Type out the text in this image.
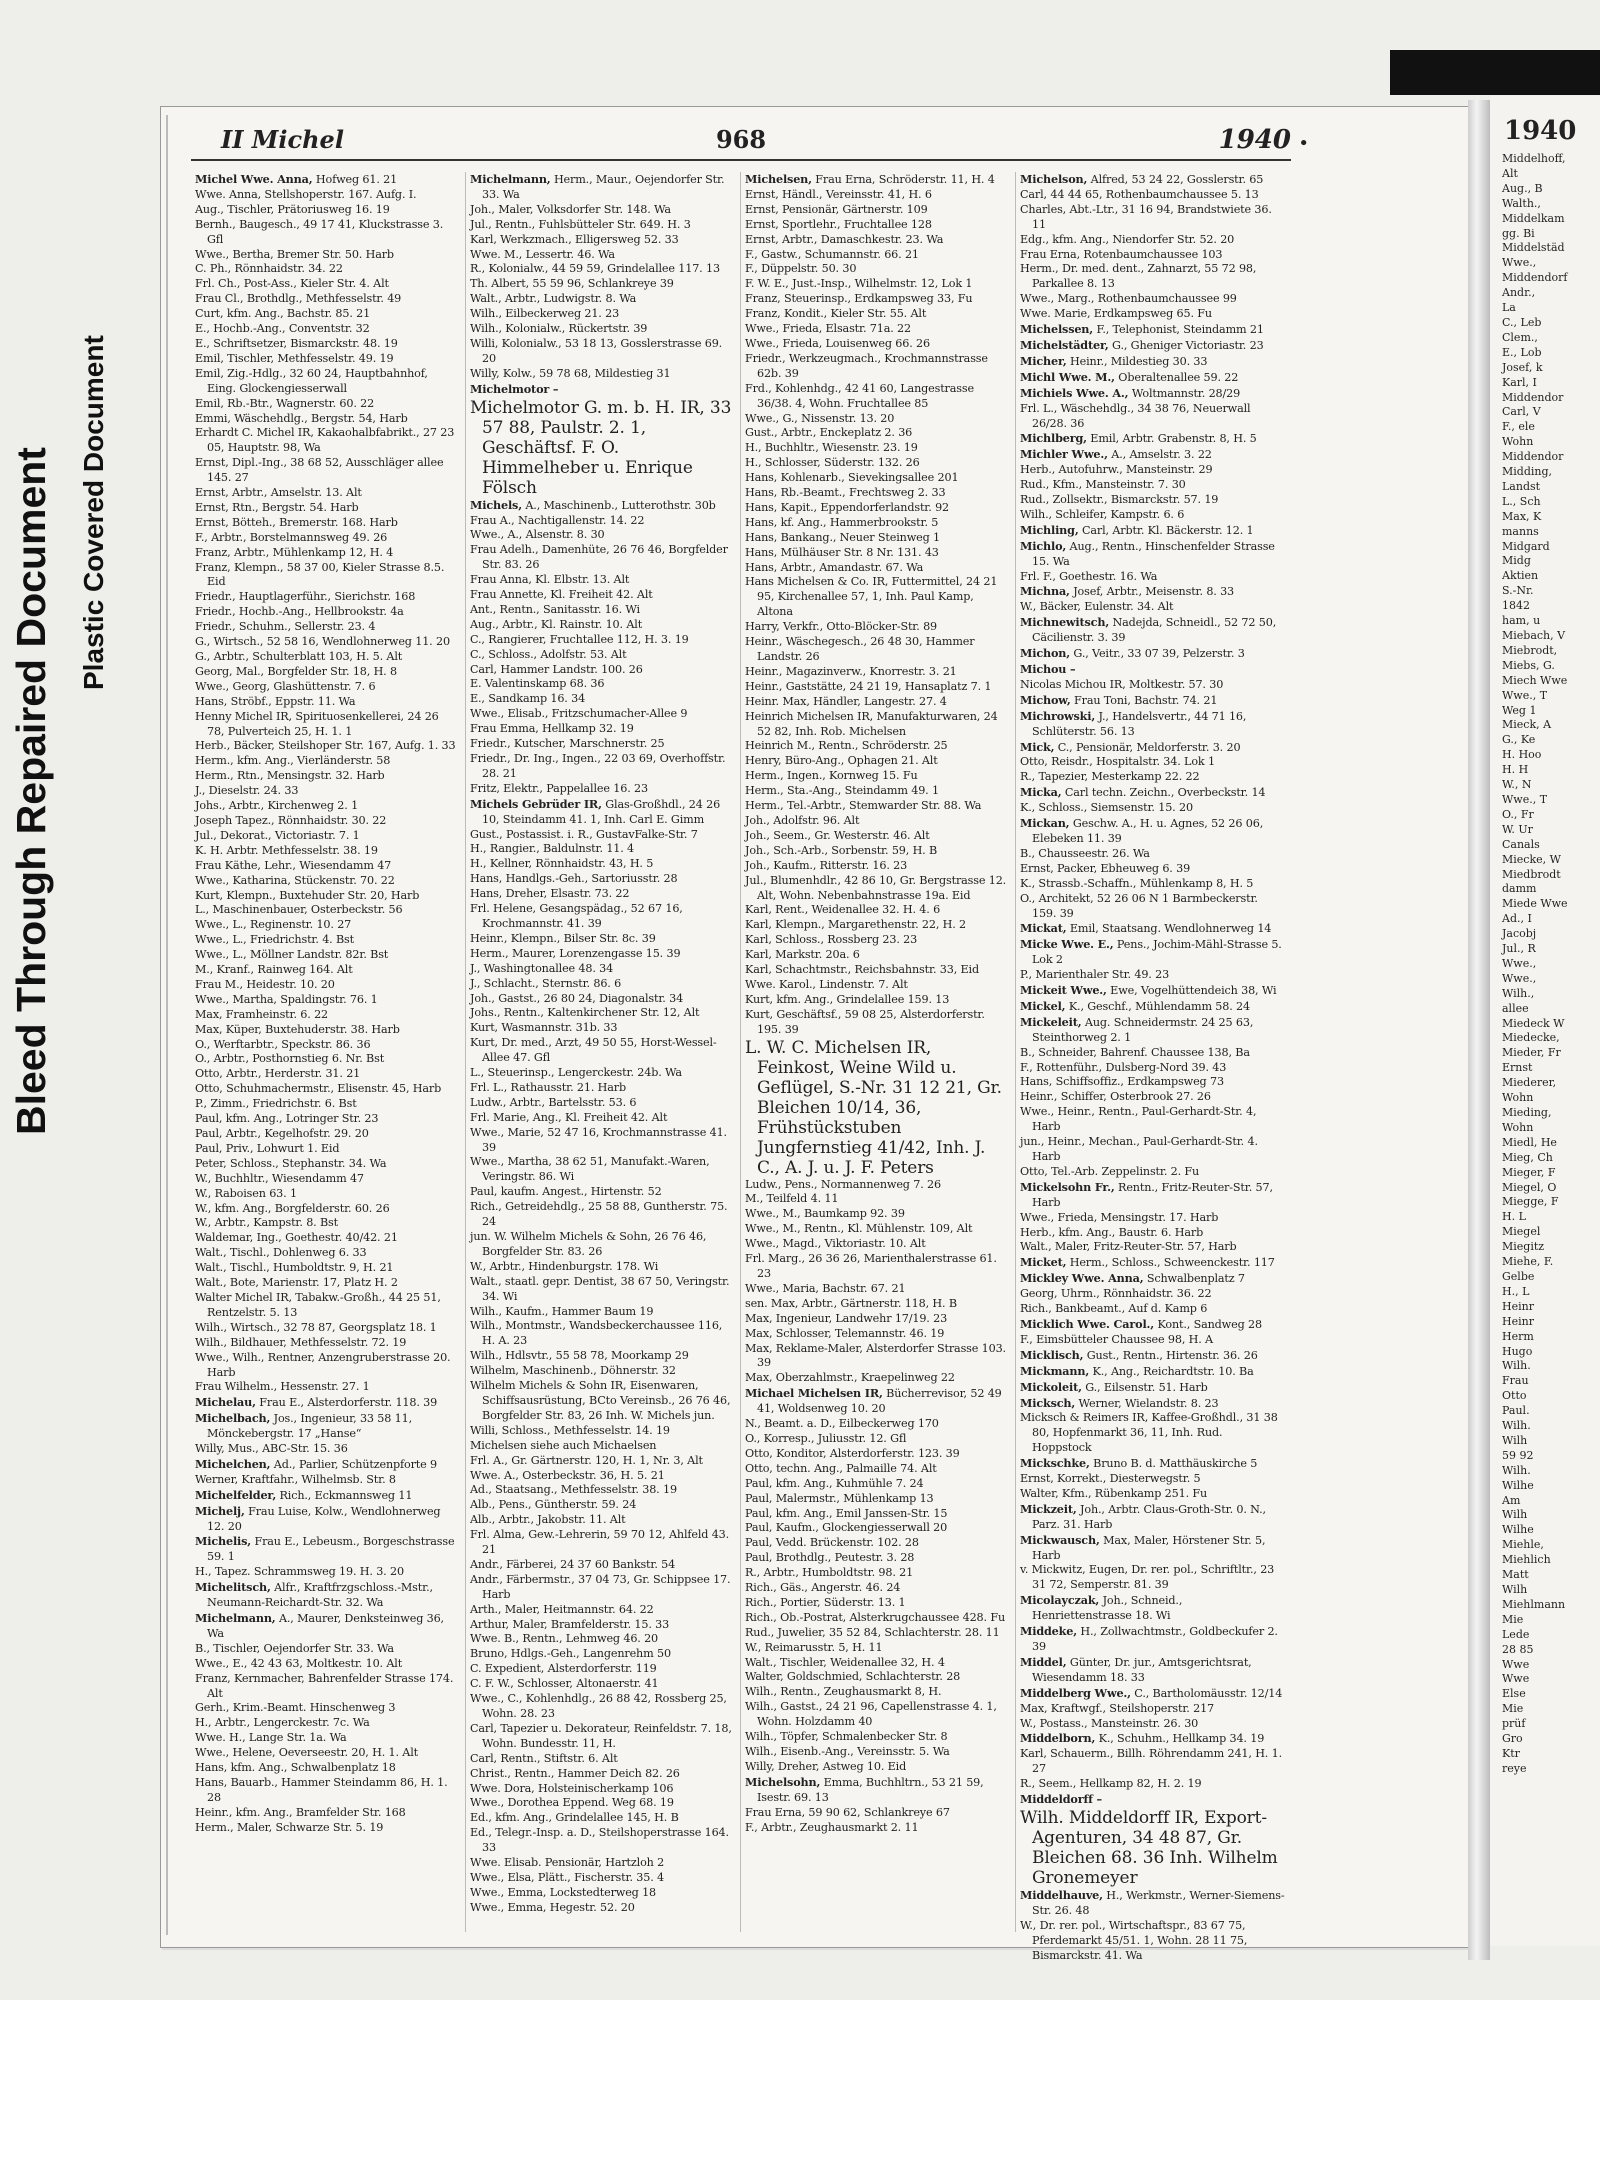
Bleed Through Repaired Document Plastic Covered Document
II Michel	968	1940 •

Michel Wwe. Anna, Hofweg 61. 21

Wwe. Anna, Stellshoperstr. 167. Aufg. I.

Aug., Tischler, Prätoriusweg 16. 19

Bernh., Baugesch., 49 17 41, Kluckstrasse 3. Gfl

Wwe., Bertha, Bremer Str. 50. Harb

C. Ph., Rönnhaidstr. 34. 22

Frl. Ch., Post-Ass., Kieler Str. 4. Alt

Frau Cl., Brothdlg., Methfesselstr. 49

Curt, kfm. Ang., Bachstr. 85. 21

E., Hochb.-Ang., Conventstr. 32

E., Schriftsetzer, Bismarckstr. 48. 19

Emil, Tischler, Methfesselstr. 49. 19

Emil, Zig.-Hdlg., 32 60 24, Hauptbahnhof, Eing. Glockengiesserwall

Emil, Rb.-Btr., Wagnerstr. 60. 22

Emmi, Wäschehdlg., Bergstr. 54, Harb

Erhardt C. Michel IR, Kakaohalbfabrikt., 27 23 05, Hauptstr. 98, Wa

Ernst, Dipl.-Ing., 38 68 52, Ausschläger allee 145. 27

Ernst, Arbtr., Amselstr. 13. Alt

Ernst, Rtn., Bergstr. 54. Harb

Ernst, Bötteh., Bremerstr. 168. Harb

F., Arbtr., Borstelmannsweg 49. 26

Franz, Arbtr., Mühlenkamp 12, H. 4

Franz, Klempn., 58 37 00, Kieler Strasse 8.5. Eid

Friedr., Hauptlagerführ., Sierichstr. 168

Friedr., Hochb.-Ang., Hellbrookstr. 4a

Friedr., Schuhm., Sellerstr. 23. 4

G., Wirtsch., 52 58 16, Wendlohnerweg 11. 20

G., Arbtr., Schulterblatt 103, H. 5. Alt

Georg, Mal., Borgfelder Str. 18, H. 8

Wwe., Georg, Glashüttenstr. 7. 6

Hans, Ströbf., Eppstr. 11. Wa

Henny Michel IR, Spirituosenkellerei, 24 26 78, Pulverteich 25, H. 1. 1

Herb., Bäcker, Steilshoper Str. 167, Aufg. 1. 33

Herm., kfm. Ang., Vierländerstr. 58

Herm., Rtn., Mensingstr. 32. Harb

J., Dieselstr. 24. 33

Johs., Arbtr., Kirchenweg 2. 1

Joseph Tapez., Rönnhaidstr. 30. 22

Jul., Dekorat., Victoriastr. 7. 1

K. H. Arbtr. Methfesselstr. 38. 19

Frau Käthe, Lehr., Wiesendamm 47

Wwe., Katharina, Stückenstr. 70. 22

Kurt, Klempn., Buxtehuder Str. 20, Harb

L., Maschinenbauer, Osterbeckstr. 56

Wwe., L., Reginenstr. 10. 27

Wwe., L., Friedrichstr. 4. Bst

Wwe., L., Möllner Landstr. 82r. Bst

M., Kranf., Rainweg 164. Alt

Frau M., Heidestr. 10. 20

Wwe., Martha, Spaldingstr. 76. 1

Max, Framheinstr. 6. 22

Max, Küper, Buxtehuderstr. 38. Harb

O., Werftarbtr., Speckstr. 86. 36

O., Arbtr., Posthornstieg 6. Nr. Bst

Otto, Arbtr., Herderstr. 31. 21

Otto, Schuhmachermstr., Elisenstr. 45, Harb

P., Zimm., Friedrichstr. 6. Bst

Paul, kfm. Ang., Lotringer Str. 23

Paul, Arbtr., Kegelhofstr. 29. 20

Paul, Priv., Lohwurt 1. Eid

Peter, Schloss., Stephanstr. 34. Wa

W., Buchhltr., Wiesendamm 47

W., Raboisen 63. 1

W., kfm. Ang., Borgfelderstr. 60. 26

W., Arbtr., Kampstr. 8. Bst

Waldemar, Ing., Goethestr. 40/42. 21

Walt., Tischl., Dohlenweg 6. 33

Walt., Tischl., Humboldtstr. 9, H. 21

Walt., Bote, Marienstr. 17, Platz H. 2

Walter Michel IR, Tabakw.-Großh., 44 25 51, Rentzelstr. 5. 13

Wilh., Wirtsch., 32 78 87, Georgsplatz 18. 1

Wilh., Bildhauer, Methfesselstr. 72. 19

Wwe., Wilh., Rentner, Anzengruberstrasse 20. Harb

Frau Wilhelm., Hessenstr. 27. 1

Michelau, Frau E., Alsterdorferstr. 118. 39

Michelbach, Jos., Ingenieur, 33 58 11, Mönckebergstr. 17 „Hanse“

Willy, Mus., ABC-Str. 15. 36

Michelchen, Ad., Parlier, Schützenpforte 9

Werner, Kraftfahr., Wilhelmsb. Str. 8

Michelfelder, Rich., Eckmannsweg 11

Michelj, Frau Luise, Kolw., Wendlohnerweg 12. 20

Michelis, Frau E., Lebeusm., Borgeschstrasse 59. 1

H., Tapez. Schrammsweg 19. H. 3. 20

Michelitsch, Alfr., Kraftfrzgschloss.-Mstr., Neumann-Reichardt-Str. 32. Wa

Michelmann, A., Maurer, Denksteinweg 36, Wa

B., Tischler, Oejendorfer Str. 33. Wa

Wwe., E., 42 43 63, Moltkestr. 10. Alt

Franz, Kernmacher, Bahrenfelder Strasse 174. Alt

Gerh., Krim.-Beamt. Hinschenweg 3

H., Arbtr., Lengerckestr. 7c. Wa

Wwe. H., Lange Str. 1a. Wa

Wwe., Helene, Oeverseestr. 20, H. 1. Alt

Hans, kfm. Ang., Schwalbenplatz 18

Hans, Bauarb., Hammer Steindamm 86, H. 1. 28

Heinr., kfm. Ang., Bramfelder Str. 168

Herm., Maler, Schwarze Str. 5. 19

Michelmann, Herm., Maur., Oejendorfer Str. 33. Wa

Joh., Maler, Volksdorfer Str. 148. Wa

Jul., Rentn., Fuhlsbütteler Str. 649. H. 3

Karl, Werkzmach., Elligersweg 52. 33

Wwe. M., Lessertr. 46. Wa

R., Kolonialw., 44 59 59, Grindelallee 117. 13

Th. Albert, 55 59 96, Schlankreye 39

Walt., Arbtr., Ludwigstr. 8. Wa

Wilh., Eilbeckerweg 21. 23

Wilh., Kolonialw., Rückertstr. 39

Willi, Kolonialw., 53 18 13, Gosslerstrasse 69. 20

Willy, Kolw., 59 78 68, Mildestieg 31

Michelmotor –

Michelmotor G. m. b. H. IR, 33 57 88, Paulstr. 2. 1, Geschäftsf. F. O. Himmelheber u. Enrique Fölsch

Michels, A., Maschinenb., Lutterothstr. 30b

Frau A., Nachtigallenstr. 14. 22

Wwe., A., Alsenstr. 8. 30

Frau Adelh., Damenhüte, 26 76 46, Borgfelder Str. 83. 26

Frau Anna, Kl. Elbstr. 13. Alt

Frau Annette, Kl. Freiheit 42. Alt

Ant., Rentn., Sanitasstr. 16. Wi

Aug., Arbtr., Kl. Rainstr. 10. Alt

C., Rangierer, Fruchtallee 112, H. 3. 19

C., Schloss., Adolfstr. 53. Alt

Carl, Hammer Landstr. 100. 26

E. Valentinskamp 68. 36

E., Sandkamp 16. 34

Wwe., Elisab., Fritzschumacher-Allee 9

Frau Emma, Hellkamp 32. 19

Friedr., Kutscher, Marschnerstr. 25

Friedr., Dr. Ing., Ingen., 22 03 69, Overhoffstr. 28. 21

Fritz, Elektr., Pappelallee 16. 23

Michels Gebrüder IR, Glas-Großhdl., 24 26 10, Steindamm 41. 1, Inh. Carl E. Gimm

Gust., Postassist. i. R., GustavFalke-Str. 7

H., Rangier., Baldulnstr. 11. 4

H., Kellner, Rönnhaidstr. 43, H. 5

Hans, Handlgs.-Geh., Sartoriusstr. 28

Hans, Dreher, Elsastr. 73. 22

Frl. Helene, Gesangspädag., 52 67 16, Krochmannstr. 41. 39

Heinr., Klempn., Bilser Str. 8c. 39

Herm., Maurer, Lorenzengasse 15. 39

J., Washingtonallee 48. 34

J., Schlacht., Sternstr. 86. 6

Joh., Gastst., 26 80 24, Diagonalstr. 34

Johs., Rentn., Kaltenkirchener Str. 12, Alt

Kurt, Wasmannstr. 31b. 33

Kurt, Dr. med., Arzt, 49 50 55, Horst-Wessel-Allee 47. Gfl

L., Steuerinsp., Lengerckestr. 24b. Wa

Frl. L., Rathausstr. 21. Harb

Ludw., Arbtr., Bartelsstr. 53. 6

Frl. Marie, Ang., Kl. Freiheit 42. Alt

Wwe., Marie, 52 47 16, Krochmannstrasse 41. 39

Wwe., Martha, 38 62 51, Manufakt.-Waren, Veringstr. 86. Wi

Paul, kaufm. Angest., Hirtenstr. 52

Rich., Getreidehdlg., 25 58 88, Guntherstr. 75. 24

jun. W. Wilhelm Michels & Sohn, 26 76 46, Borgfelder Str. 83. 26

W., Arbtr., Hindenburgstr. 178. Wi

Walt., staatl. gepr. Dentist, 38 67 50, Veringstr. 34. Wi

Wilh., Kaufm., Hammer Baum 19

Wilh., Montmstr., Wandsbeckerchaussee 116, H. A. 23

Wilh., Hdlsvtr., 55 58 78, Moorkamp 29

Wilhelm, Maschinenb., Döhnerstr. 32

Wilhelm Michels & Sohn IR, Eisenwaren, Schiffsausrüstung, BCto Vereinsb., 26 76 46, Borgfelder Str. 83, 26 Inh. W. Michels jun.

Willi, Schloss., Methfesselstr. 14. 19

Michelsen siehe auch Michaelsen

Frl. A., Gr. Gärtnerstr. 120, H. 1, Nr. 3, Alt

Wwe. A., Osterbeckstr. 36, H. 5. 21

Ad., Staatsang., Methfesselstr. 38. 19

Alb., Pens., Güntherstr. 59. 24

Alb., Arbtr., Jakobstr. 11. Alt

Frl. Alma, Gew.-Lehrerin, 59 70 12, Ahlfeld 43. 21

Andr., Färberei, 24 37 60 Bankstr. 54

Andr., Färbermstr., 37 04 73, Gr. Schippsee 17. Harb

Arth., Maler, Heitmannstr. 64. 22

Arthur, Maler, Bramfelderstr. 15. 33

Wwe. B., Rentn., Lehmweg 46. 20

Bruno, Hdlgs.-Geh., Langenrehm 50

C. Expedient, Alsterdorferstr. 119

C. F. W., Schlosser, Altonaerstr. 41

Wwe., C., Kohlenhdlg., 26 88 42, Rossberg 25, Wohn. 28. 23

Carl, Tapezier u. Dekorateur, Reinfeldstr. 7. 18, Wohn. Bundesstr. 11, H.

Carl, Rentn., Stiftstr. 6. Alt

Christ., Rentn., Hammer Deich 82. 26

Wwe. Dora, Holsteinischerkamp 106

Wwe., Dorothea Eppend. Weg 68. 19

Ed., kfm. Ang., Grindelallee 145, H. B

Ed., Telegr.-Insp. a. D., Steilshoperstrasse 164. 33

Wwe. Elisab. Pensionär, Hartzloh 2

Wwe., Elsa, Plätt., Fischerstr. 35. 4

Wwe., Emma, Lockstedterweg 18

Wwe., Emma, Hegestr. 52. 20

Michelsen, Frau Erna, Schröderstr. 11, H. 4

Ernst, Händl., Vereinsstr. 41, H. 6

Ernst, Pensionär, Gärtnerstr. 109

Ernst, Sportlehr., Fruchtallee 128

Ernst, Arbtr., Damaschkestr. 23. Wa

F., Gastw., Schumannstr. 66. 21

F., Düppelstr. 50. 30

F. W. E., Just.-Insp., Wilhelmstr. 12, Lok 1

Franz, Steuerinsp., Erdkampsweg 33, Fu

Franz, Kondit., Kieler Str. 55. Alt

Wwe., Frieda, Elsastr. 71a. 22

Wwe., Frieda, Louisenweg 66. 26

Friedr., Werkzeugmach., Krochmannstrasse 62b. 39

Frd., Kohlenhdg., 42 41 60, Langestrasse 36/38. 4, Wohn. Fruchtallee 85

Wwe., G., Nissenstr. 13. 20

Gust., Arbtr., Enckeplatz 2. 36

H., Buchhltr., Wiesenstr. 23. 19

H., Schlosser, Süderstr. 132. 26

Hans, Kohlenarb., Sievekingsallee 201

Hans, Rb.-Beamt., Frechtsweg 2. 33

Hans, Kapit., Eppendorferlandstr. 92

Hans, kf. Ang., Hammerbrookstr. 5

Hans, Bankang., Neuer Steinweg 1

Hans, Mülhäuser Str. 8 Nr. 131. 43

Hans, Arbtr., Amandastr. 67. Wa

Hans Michelsen & Co. IR, Futtermittel, 24 21 95, Kirchenallee 57, 1, Inh. Paul Kamp, Altona

Harry, Verkfr., Otto-Blöcker-Str. 89

Heinr., Wäschegesch., 26 48 30, Hammer Landstr. 26

Heinr., Magazinverw., Knorrestr. 3. 21

Heinr., Gaststätte, 24 21 19, Hansaplatz 7. 1

Heinr. Max, Händler, Langestr. 27. 4

Heinrich Michelsen IR, Manufakturwaren, 24 52 82, Inh. Rob. Michelsen

Heinrich M., Rentn., Schröderstr. 25

Henry, Büro-Ang., Ophagen 21. Alt

Herm., Ingen., Kornweg 15. Fu

Herm., Sta.-Ang., Steindamm 49. 1

Herm., Tel.-Arbtr., Stemwarder Str. 88. Wa

Joh., Adolfstr. 96. Alt

Joh., Seem., Gr. Westerstr. 46. Alt

Joh., Sch.-Arb., Sorbenstr. 59, H. B

Joh., Kaufm., Ritterstr. 16. 23

Jul., Blumenhdlr., 42 86 10, Gr. Bergstrasse 12. Alt, Wohn. Nebenbahnstrasse 19a. Eid

Karl, Rent., Weidenallee 32. H. 4. 6

Karl, Klempn., Margarethenstr. 22, H. 2

Karl, Schloss., Rossberg 23. 23

Karl, Markstr. 20a. 6

Karl, Schachtmstr., Reichsbahnstr. 33, Eid

Wwe. Karol., Lindenstr. 7. Alt

Kurt, kfm. Ang., Grindelallee 159. 13

Kurt, Geschäftsf., 59 08 25, Alsterdorferstr. 195. 39

L. W. C. Michelsen IR, Feinkost, Weine Wild u. Geflügel, S.-Nr. 31 12 21, Gr. Bleichen 10/14, 36, Frühstückstuben Jungfernstieg 41/42, Inh. J. C., A. J. u. J. F. Peters

Ludw., Pens., Normannenweg 7. 26

M., Teilfeld 4. 11

Wwe., M., Baumkamp 92. 39

Wwe., M., Rentn., Kl. Mühlenstr. 109, Alt

Wwe., Magd., Viktoriastr. 10. Alt

Frl. Marg., 26 36 26, Marienthalerstrasse 61. 23

Wwe., Maria, Bachstr. 67. 21

sen. Max, Arbtr., Gärtnerstr. 118, H. B

Max, Ingenieur, Landwehr 17/19. 23

Max, Schlosser, Telemannstr. 46. 19

Max, Reklame-Maler, Alsterdorfer Strasse 103. 39

Max, Oberzahlmstr., Kraepelinweg 22

Michael Michelsen IR, Bücherrevisor, 52 49 41, Woldsenweg 10. 20

N., Beamt. a. D., Eilbeckerweg 170

O., Korresp., Juliusstr. 12. Gfl

Otto, Konditor, Alsterdorferstr. 123. 39

Otto, techn. Ang., Palmaille 74. Alt

Paul, kfm. Ang., Kuhmühle 7. 24

Paul, Malermstr., Mühlenkamp 13

Paul, kfm. Ang., Emil Janssen-Str. 15

Paul, Kaufm., Glockengiesserwall 20

Paul, Vedd. Brückenstr. 102. 28

Paul, Brothdlg., Peutestr. 3. 28

R., Arbtr., Humboldtstr. 98. 21

Rich., Gäs., Angerstr. 46. 24

Rich., Portier, Süderstr. 13. 1

Rich., Ob.-Postrat, Alsterkrugchaussee 428. Fu

Rud., Juwelier, 35 52 84, Schlachterstr. 28. 11

W., Reimarusstr. 5, H. 11

Walt., Tischler, Weidenallee 32, H. 4

Walter, Goldschmied, Schlachterstr. 28

Wilh., Rentn., Zeughausmarkt 8, H.

Wilh., Gastst., 24 21 96, Capellenstrasse 4. 1, Wohn. Holzdamm 40

Wilh., Töpfer, Schmalenbecker Str. 8

Wilh., Eisenb.-Ang., Vereinsstr. 5. Wa

Willy, Dreher, Astweg 10. Eid

Michelsohn, Emma, Buchhltrn., 53 21 59, Isestr. 69. 13

Frau Erna, 59 90 62, Schlankreye 67

F., Arbtr., Zeughausmarkt 2. 11

Michelson, Alfred, 53 24 22, Gosslerstr. 65

Carl, 44 44 65, Rothenbaumchaussee 5. 13

Charles, Abt.-Ltr., 31 16 94, Brandstwiete 36. 11

Edg., kfm. Ang., Niendorfer Str. 52. 20

Frau Erna, Rotenbaumchaussee 103

Herm., Dr. med. dent., Zahnarzt, 55 72 98, Parkallee 8. 13

Wwe., Marg., Rothenbaumchaussee 99

Wwe. Marie, Erdkampsweg 65. Fu

Michelssen, F., Telephonist, Steindamm 21

Michelstädter, G., Gheniger Victoriastr. 23

Micher, Heinr., Mildestieg 30. 33

Michl Wwe. M., Oberaltenallee 59. 22

Michiels Wwe. A., Woltmannstr. 28/29

Frl. L., Wäschehdlg., 34 38 76, Neuerwall 26/28. 36

Michlberg, Emil, Arbtr. Grabenstr. 8, H. 5

Michler Wwe., A., Amselstr. 3. 22

Herb., Autofuhrw., Mansteinstr. 29

Rud., Kfm., Mansteinstr. 7. 30

Rud., Zollsektr., Bismarckstr. 57. 19

Wilh., Schleifer, Kampstr. 6. 6

Michling, Carl, Arbtr. Kl. Bäckerstr. 12. 1

Michlo, Aug., Rentn., Hinschenfelder Strasse 15. Wa

Frl. F., Goethestr. 16. Wa

Michna, Josef, Arbtr., Meisenstr. 8. 33

W., Bäcker, Eulenstr. 34. Alt

Michnewitsch, Nadejda, Schneidl., 52 72 50, Cäcilienstr. 3. 39

Michon, G., Veitr., 33 07 39, Pelzerstr. 3

Michou –

Nicolas Michou IR, Moltkestr. 57. 30

Michow, Frau Toni, Bachstr. 74. 21

Michrowski, J., Handelsvertr., 44 71 16, Schlüterstr. 56. 13

Mick, C., Pensionär, Meldorferstr. 3. 20

Otto, Reisdr., Hospitalstr. 34. Lok 1

R., Tapezier, Mesterkamp 22. 22

Micka, Carl techn. Zeichn., Overbeckstr. 14

K., Schloss., Siemsenstr. 15. 20

Mickan, Geschw. A., H. u. Agnes, 52 26 06, Elebeken 11. 39

B., Chausseestr. 26. Wa

Ernst, Packer, Ebheuweg 6. 39

K., Strassb.-Schaffn., Mühlenkamp 8, H. 5

O., Architekt, 52 26 06 N 1 Barmbeckerstr. 159. 39

Mickat, Emil, Staatsang. Wendlohnerweg 14

Micke Wwe. E., Pens., Jochim-Mähl-Strasse 5. Lok 2

P., Marienthaler Str. 49. 23

Mickeit Wwe., Ewe, Vogelhüttendeich 38, Wi

Mickel, K., Geschf., Mühlendamm 58. 24

Mickeleit, Aug. Schneidermstr. 24 25 63, Steinthorweg 2. 1

B., Schneider, Bahrenf. Chaussee 138, Ba

F., Rottenführ., Dulsberg-Nord 39. 43

Hans, Schiffsoffiz., Erdkampsweg 73

Heinr., Schiffer, Osterbrook 27. 26

Wwe., Heinr., Rentn., Paul-Gerhardt-Str. 4, Harb

jun., Heinr., Mechan., Paul-Gerhardt-Str. 4. Harb

Otto, Tel.-Arb. Zeppelinstr. 2. Fu

Mickelsohn Fr., Rentn., Fritz-Reuter-Str. 57, Harb

Wwe., Frieda, Mensingstr. 17. Harb

Herb., kfm. Ang., Baustr. 6. Harb

Walt., Maler, Fritz-Reuter-Str. 57, Harb

Micket, Herm., Schloss., Schweenckestr. 117

Mickley Wwe. Anna, Schwalbenplatz 7

Georg, Uhrm., Rönnhaidstr. 36. 22

Rich., Bankbeamt., Auf d. Kamp 6

Micklich Wwe. Carol., Kont., Sandweg 28

F., Eimsbütteler Chaussee 98, H. A

Micklisch, Gust., Rentn., Hirtenstr. 36. 26

Mickmann, K., Ang., Reichardtstr. 10. Ba

Mickoleit, G., Eilsenstr. 51. Harb

Micksch, Werner, Wielandstr. 8. 23

Micksch & Reimers IR, Kaffee-Großhdl., 31 38 80, Hopfenmarkt 36, 11, Inh. Rud. Hoppstock

Mickschke, Bruno B. d. Matthäuskirche 5

Ernst, Korrekt., Diesterwegstr. 5

Walter, Kfm., Rübenkamp 251. Fu

Mickzeit, Joh., Arbtr. Claus-Groth-Str. 0. N., Parz. 31. Harb

Mickwausch, Max, Maler, Hörstener Str. 5, Harb

v. Mickwitz, Eugen, Dr. rer. pol., Schriftltr., 23 31 72, Semperstr. 81. 39

Micolayczak, Joh., Schneid., Henriettenstrasse 18. Wi

Middeke, H., Zollwachtmstr., Goldbeckufer 2. 39

Middel, Günter, Dr. jur., Amtsgerichtsrat, Wiesendamm 18. 33

Middelberg Wwe., C., Bartholomäusstr. 12/14

Max, Kraftwgf., Steilshoperstr. 217

W., Postass., Mansteinstr. 26. 30

Middelborn, K., Schuhm., Hellkamp 34. 19

Karl, Schauerm., Billh. Röhrendamm 241, H. 1. 27

R., Seem., Hellkamp 82, H. 2. 19

Middeldorff –

Wilh. Middeldorff IR, Export-Agenturen, 34 48 87, Gr. Bleichen 68. 36 Inh. Wilhelm Gronemeyer

Middelhauve, H., Werkmstr., Werner-Siemens-Str. 26. 48

W., Dr. rer. pol., Wirtschaftspr., 83 67 75, Pferdemarkt 45/51. 1, Wohn. 28 11 75, Bismarckstr. 41. Wa

1940
Middelhoff,
Alt
Aug., B
Walth.,
Middelkam
gg. Bi
Middelstäd
Wwe.,
Middendorf
Andr.,
La
C., Leb
Clem.,
E., Lob
Josef, k
Karl, I
Middendor
Carl, V
F., ele
Wohn
Middendor
Midding,
Landst
L., Sch
Max, K
manns
Midgard
Midg
Aktien
S.-Nr.
1842
ham, u
Miebach, V
Miebrodt,
Miebs, G.
Miech Wwe
Wwe., T
Weg 1
Mieck, A
G., Ke
H. Hoo
H. H
W., N
Wwe., T
O., Fr
W. Ur
Canals
Miecke, W
Miedbrodt
damm
Miede Wwe
Ad., I
Jacobj
Jul., R
Wwe.,
Wwe.,
Wilh.,
allee
Miedeck W
Miedecke,
Mieder, Fr
Ernst
Miederer,
Wohn
Mieding,
Wohn
Miedl, He
Mieg, Ch
Mieger, F
Miegel, O
Miegge, F
H. L
Miegel
Miegitz
Miehe, F.
Gelbe
H., L
Heinr
Heinr
Herm
Hugo
Wilh.
Frau
Otto
Paul.
Wilh.
Wilh
59 92
Wilh.
Wilhe
Am
Wilh
Wilhe
Miehle,
Miehlich
Matt
Wilh
Miehlmann
Mie
Lede
28 85
Wwe
Wwe
Else
Mie
prüf
Gro
Ktr
reye
